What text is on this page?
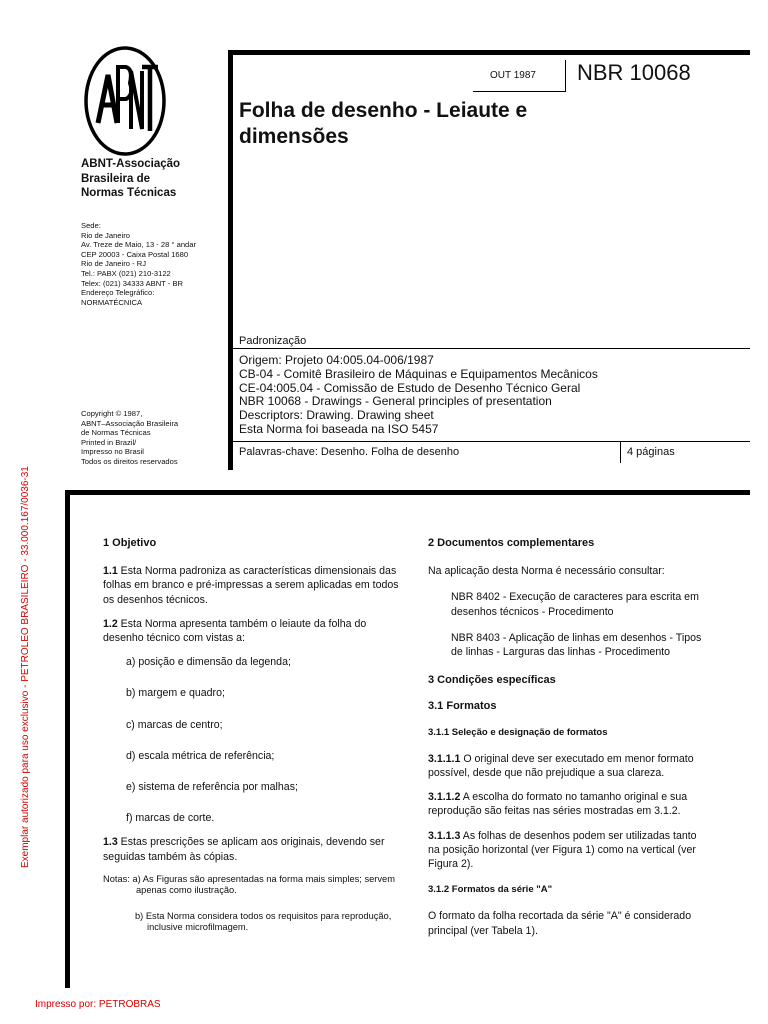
ABNT-Associação
Brasileira de
Normas Técnicas
Sede:
Rio de Janeiro
Av. Treze de Maio, 13 - 28 ° andar
CEP 20003 - Caixa Postal 1680
Rio de Janeiro - RJ
Tel.: PABX (021) 210-3122
Telex: (021) 34333 ABNT - BR
Endereço Telegráfico:
NORMATÉCNICA
Copyright © 1987,
ABNT–Associação Brasileira
de Normas Técnicas
Printed in Brazil/
Impresso no Brasil
Todos os direitos reservados
OUT 1987 NBR 10068
Folha de desenho - Leiaute e
dimensões
Padronização
Origem: Projeto 04:005.04-006/1987
CB-04 - Comitê Brasileiro de Máquinas e Equipamentos Mecânicos
CE-04:005.04 - Comissão de Estudo de Desenho Técnico Geral
NBR 10068 - Drawings - General principles of presentation
Descriptors: Drawing. Drawing sheet
Esta Norma foi baseada na ISO 5457
Palavras-chave: Desenho. Folha de desenho	4 páginas
1 Objetivo
1.1 Esta Norma padroniza as características dimensionais das folhas em branco e pré-impressas a serem aplicadas em todos os desenhos técnicos.
1.2 Esta Norma apresenta também o leiaute da folha do desenho técnico com vistas a:
a) posição e dimensão da legenda;
b) margem e quadro;
c) marcas de centro;
d) escala métrica de referência;
e) sistema de referência por malhas;
f) marcas de corte.
1.3 Estas prescrições se aplicam aos originais, devendo ser seguidas também às cópias.
Notas: a) As Figuras são apresentadas na forma mais simples; servem apenas como ilustração.
b) Esta Norma considera todos os requisitos para reprodução, inclusive microfilmagem.
2 Documentos complementares
Na aplicação desta Norma é necessário consultar:
NBR 8402 - Execução de caracteres para escrita em desenhos técnicos - Procedimento
NBR 8403 - Aplicação de linhas em desenhos - Tipos de linhas - Larguras das linhas - Procedimento
3 Condições específicas
3.1 Formatos
3.1.1 Seleção e designação de formatos
3.1.1.1 O original deve ser executado em menor formato possível, desde que não prejudique a sua clareza.
3.1.1.2 A escolha do formato no tamanho original e sua reprodução são feitas nas séries mostradas em 3.1.2.
3.1.1.3 As folhas de desenhos podem ser utilizadas tanto na posição horizontal (ver Figura 1) como na vertical (ver Figura 2).
3.1.2 Formatos da série "A"
O formato da folha recortada da série "A" é considerado principal (ver Tabela 1).
Exemplar autorizado para uso exclusivo - PETROLEO BRASILEIRO - 33.000.167/0036-31
Impresso por: PETROBRAS
